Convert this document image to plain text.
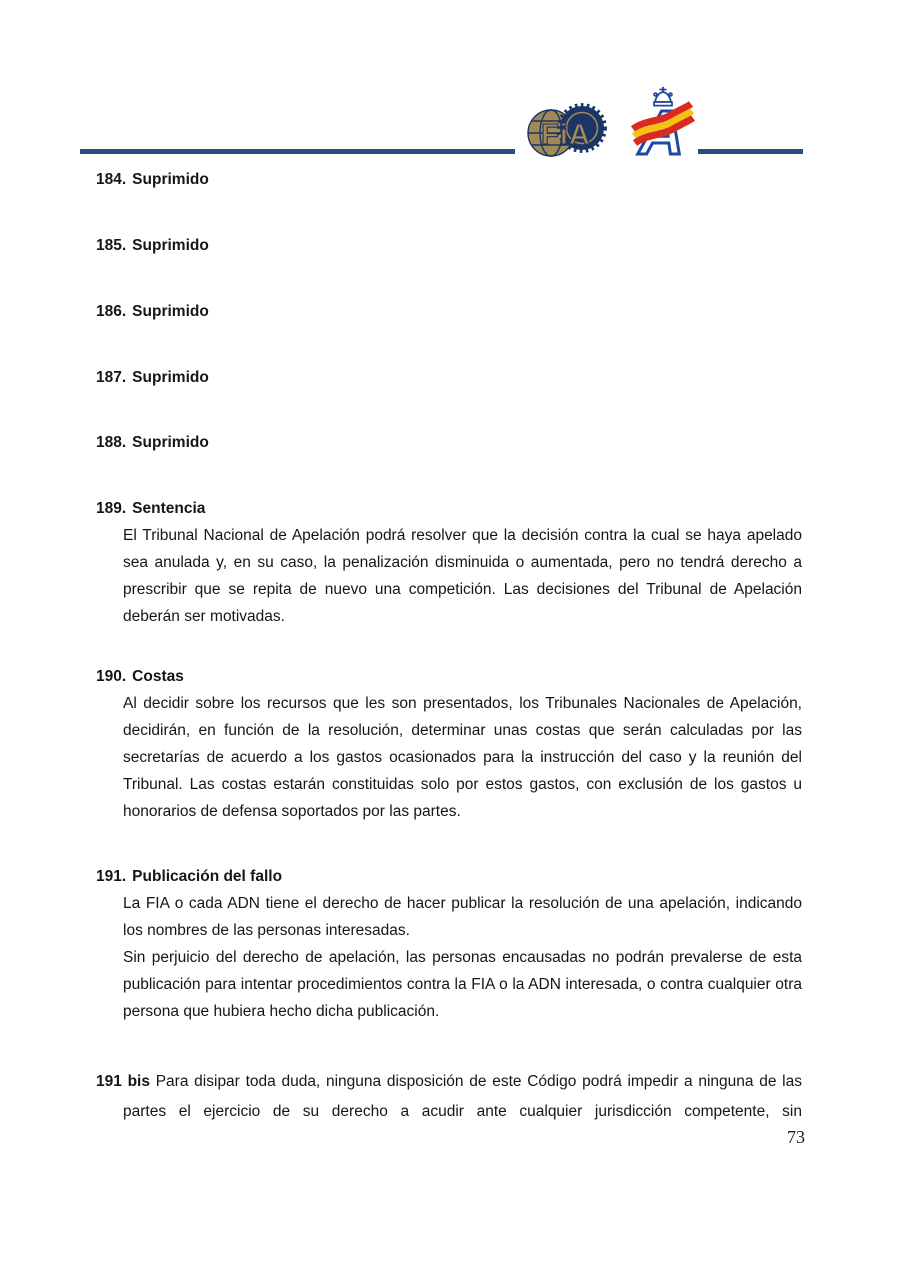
FiA A
184. Suprimido
185. Suprimido
186. Suprimido
187. Suprimido
188. Suprimido
189. Sentencia

El Tribunal Nacional de Apelación podrá resolver que la decisión contra la cual se haya apelado sea anulada y, en su caso, la penalización disminuida o aumentada, pero no tendrá derecho a prescribir que se repita de nuevo una competición. Las decisiones del Tribunal de Apelación deberán ser motivadas.

190. Costas

Al decidir sobre los recursos que les son presentados, los Tribunales Nacionales de Apelación, decidirán, en función de la resolución, determinar unas costas que serán calculadas por las secretarías de acuerdo a los gastos ocasionados para la instrucción del caso y la reunión del Tribunal. Las costas estarán constituidas solo por estos gastos, con exclusión de los gastos u honorarios de defensa soportados por las partes.

191. Publicación del fallo

La FIA o cada ADN tiene el derecho de hacer publicar la resolución de una apelación, indicando los nombres de las personas interesadas.

Sin perjuicio del derecho de apelación, las personas encausadas no podrán prevalerse de esta publicación para intentar procedimientos contra la FIA o la ADN interesada, o contra cualquier otra persona que hubiera hecho dicha publicación.

191 bis Para disipar toda duda, ninguna disposición de este Código podrá impedir a ninguna de las partes el ejercicio de su derecho a acudir ante cualquier jurisdicción competente, sin
73
